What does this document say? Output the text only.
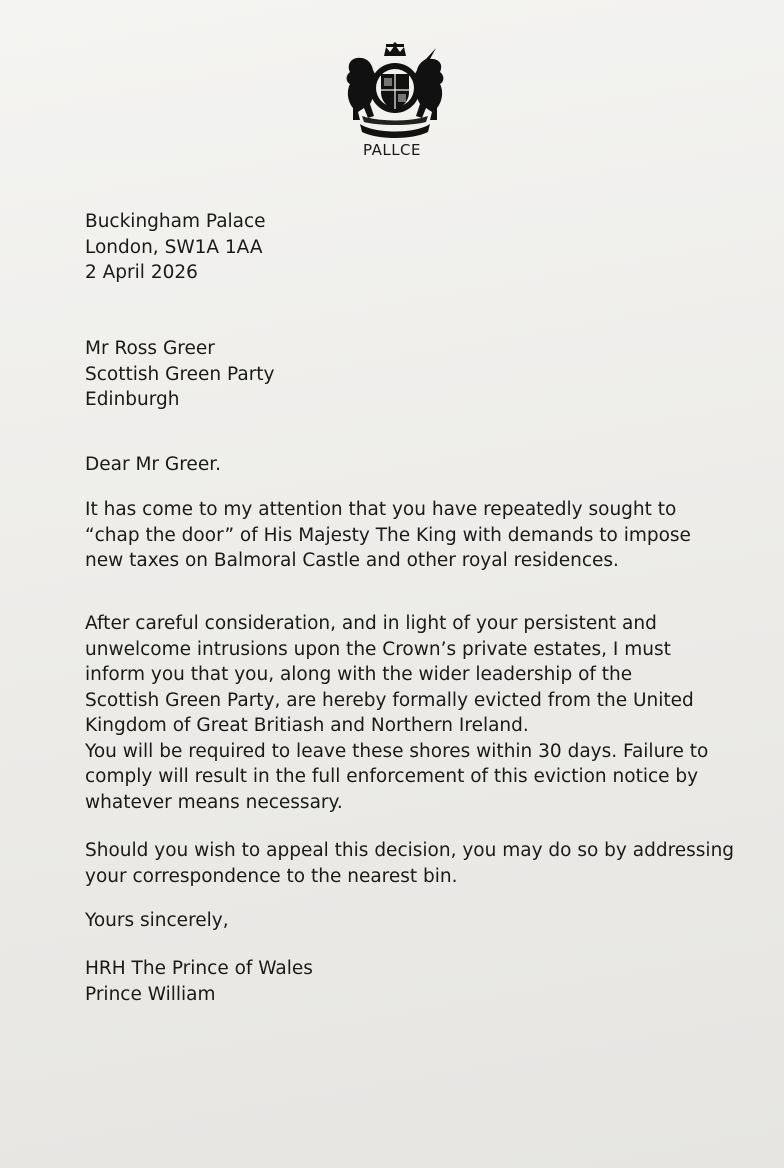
PALLCE
Buckingham Palace
London, SW1A 1AA
2 April 2026
Mr Ross Greer
Scottish Green Party
Edinburgh
Dear Mr Greer.
It has come to my attention that you have repeatedly sought to
“chap the door” of His Majesty The King with demands to impose
new taxes on Balmoral Castle and other royal residences.
After careful consideration, and in light of your persistent and
unwelcome intrusions upon the Crown’s private estates, I must
inform you that you, along with the wider leadership of the
Scottish Green Party, are hereby formally evicted from the United
Kingdom of Great Britiash and Northern Ireland.
You will be required to leave these shores within 30 days. Failure to
comply will result in the full enforcement of this eviction notice by
whatever means necessary.
Should you wish to appeal this decision, you may do so by addressing
your correspondence to the nearest bin.
Yours sincerely,
HRH The Prince of Wales
Prince William
